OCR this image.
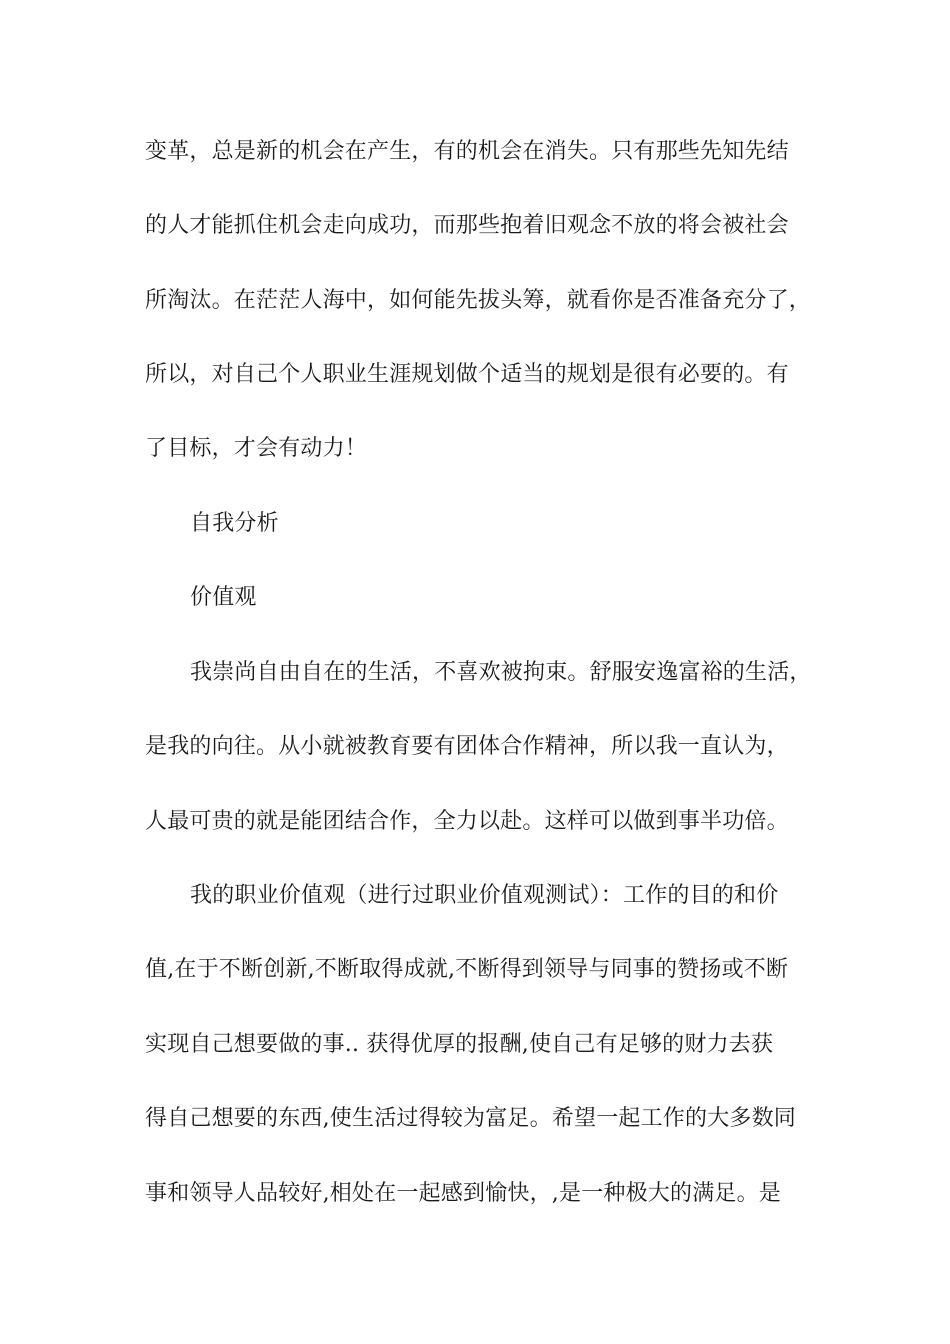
变革，总是新的机会在产生，有的机会在消失。只有那些先知先结
的人才能抓住机会走向成功，而那些抱着旧观念不放的将会被社会
所淘汰。在茫茫人海中，如何能先拔头筹，就看你是否准备充分了，
所以，对自己个人职业生涯规划做个适当的规划是很有必要的。有
了目标，才会有动力！
自我分析
价值观
我崇尚自由自在的生活，不喜欢被拘束。舒服安逸富裕的生活，
是我的向往。从小就被教育要有团体合作精神，所以我一直认为，
人最可贵的就是能团结合作，全力以赴。这样可以做到事半功倍。
我的职业价值观（进行过职业价值观测试）：工作的目的和价
值,在于不断创新,不断取得成就,不断得到领导与同事的赞扬或不断
实现自己想要做的事.. 获得优厚的报酬,使自己有足够的财力去获
得自己想要的东西,使生活过得较为富足。希望一起工作的大多数同
事和领导人品较好,相处在一起感到愉快，,是一种极大的满足。是
